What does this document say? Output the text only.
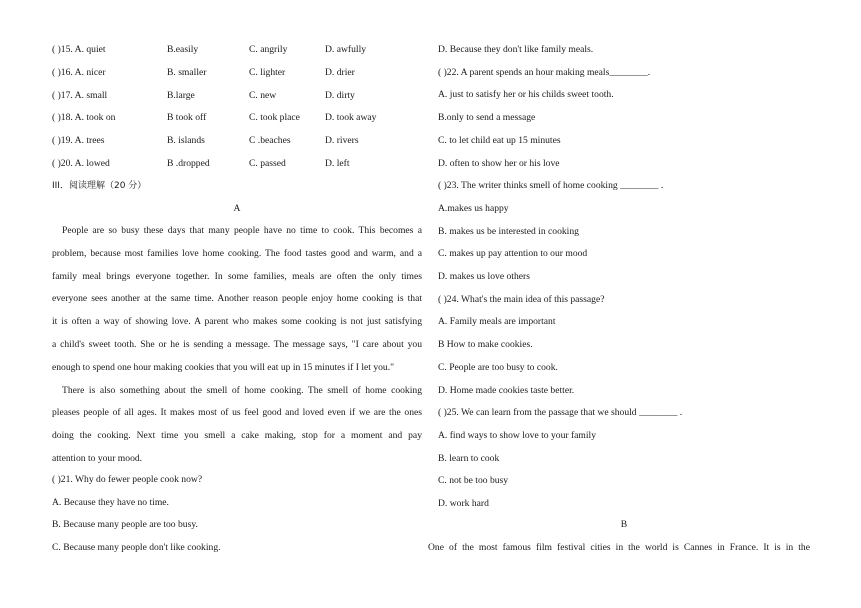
( )15. A. quiet	B.easily	C. angrily	D. awfully
( )16. A. nicer	B. smaller	C. lighter	D. drier
( )17. A. small	B.large	C. new	D. dirty
( )18. A. took on	B took off	C. took place	D. took away
( )19. A. trees	B. islands	C .beaches	D. rivers
( )20. A. lowed	B .dropped	C. passed	D. left
III．阅读理解（20 分）
A
People are so busy these days that many people have no time to cook. This becomes a
problem, because most families love home cooking. The food tastes good and warm, and a
family meal brings everyone together. In some families, meals are often the only times
everyone sees another at the same time. Another reason people enjoy home cooking is that
it is often a way of showing love. A parent who makes some cooking is not just satisfying
a child's sweet tooth. She or he is sending a message. The message says, "I care about you
enough to spend one hour making cookies that you will eat up in 15 minutes if I let you."
There is also something about the smell of home cooking. The smell of home cooking
pleases people of all ages. It makes most of us feel good and loved even if we are the ones
doing the cooking. Next time you smell a cake making, stop for a moment and pay
attention to your mood.
( )21. Why do fewer people cook now?
A. Because they have no time.
B. Because many people are too busy.
C. Because many people don't like cooking.
D. Because they don't like family meals.
( )22. A parent spends an hour making meals________.
A. just to satisfy her or his childs sweet tooth.
B.only to send a message
C. to let child eat up 15 minutes
D. often to show her or his love
( )23. The writer thinks smell of home cooking ________ .
A.makes us happy
B. makes us be interested in cooking
C. makes up pay attention to our mood
D. makes us love others
( )24. What's the main idea of this passage?
A. Family meals are important
B How to make cookies.
C. People are too busy to cook.
D. Home made cookies taste better.
( )25. We can learn from the passage that we should ________ .
A. find ways to show love to your family
B. learn to cook
C. not be too busy
D. work hard
B
One of the most famous film festival cities in the world is Cannes in France. It is in the
